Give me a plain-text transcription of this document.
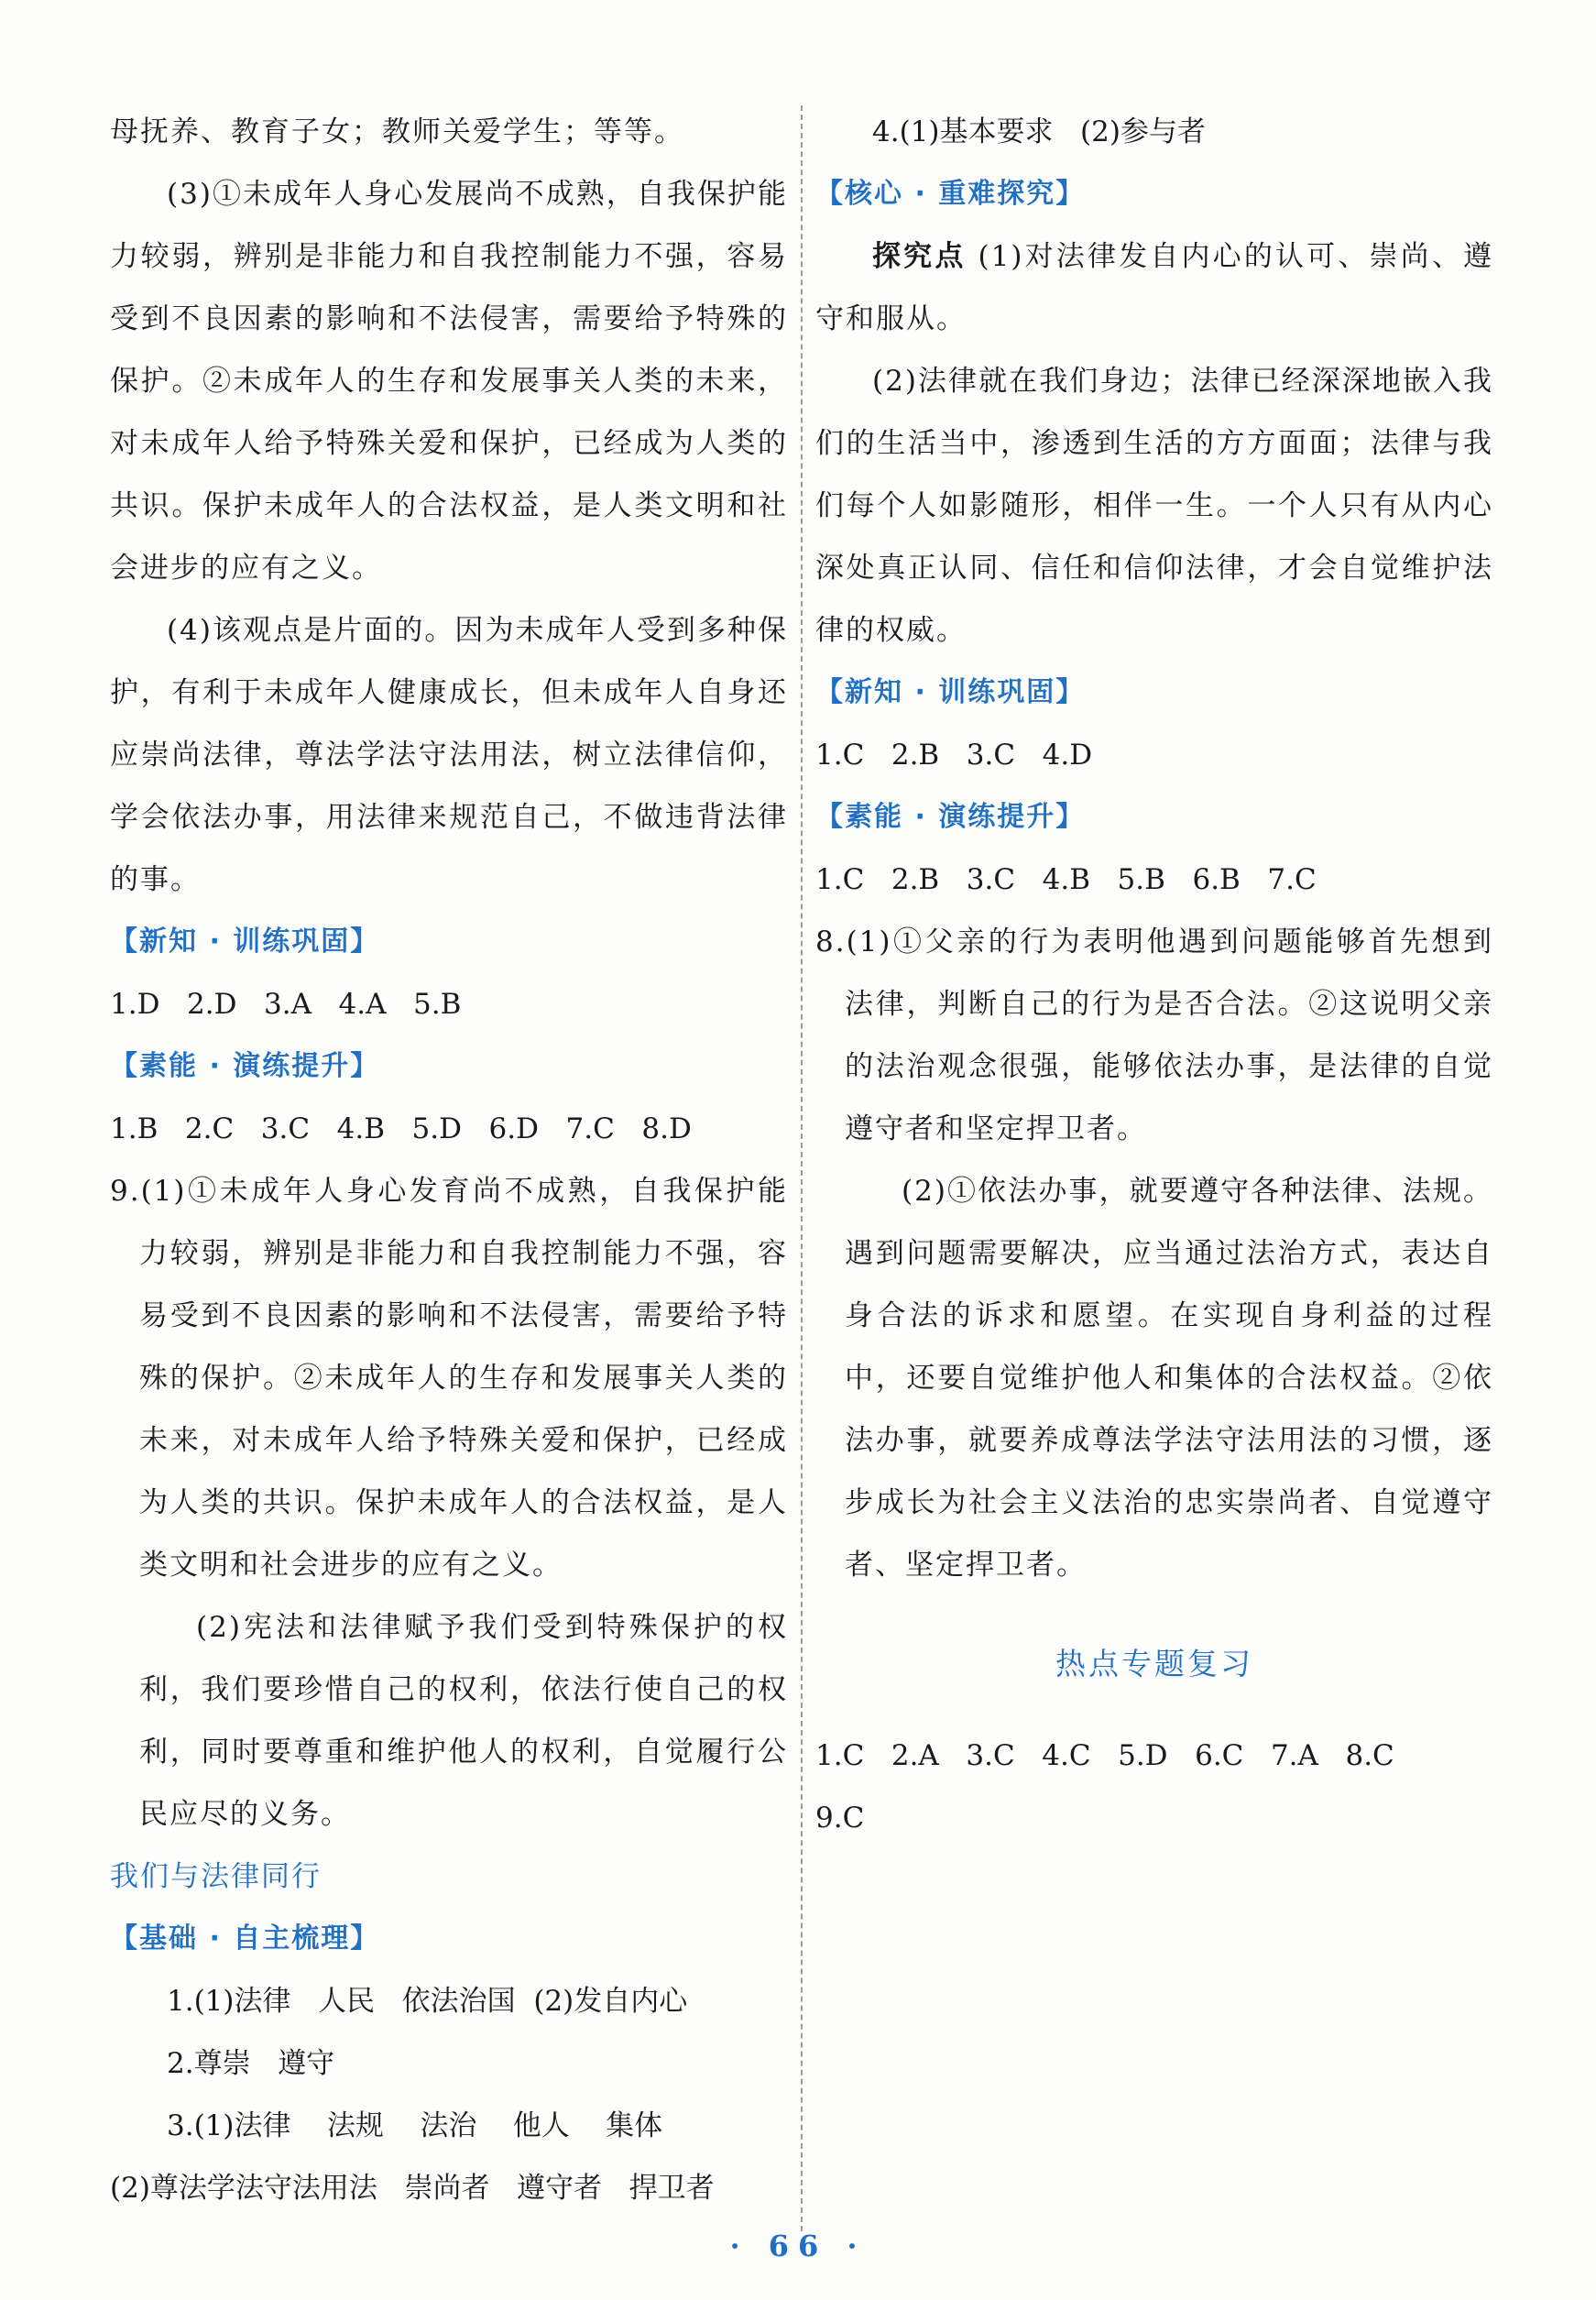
母抚养、教育子女；教师关爱学生；等等。

(3)①未成年人身心发展尚不成熟，自我保护能力较弱，辨别是非能力和自我控制能力不强，容易受到不良因素的影响和不法侵害，需要给予特殊的保护。②未成年人的生存和发展事关人类的未来，对未成年人给予特殊关爱和保护，已经成为人类的共识。保护未成年人的合法权益，是人类文明和社会进步的应有之义。

(4)该观点是片面的。因为未成年人受到多种保护，有利于未成年人健康成长，但未成年人自身还应崇尚法律，尊法学法守法用法，树立法律信仰，学会依法办事，用法律来规范自己，不做违背法律的事。

【新知 · 训练巩固】

1.D   2.D   3.A   4.A   5.B

【素能 · 演练提升】

1.B   2.C   3.C   4.B   5.D   6.D   7.C   8.D

9.(1)①未成年人身心发育尚不成熟，自我保护能力较弱，辨别是非能力和自我控制能力不强，容易受到不良因素的影响和不法侵害，需要给予特殊的保护。②未成年人的生存和发展事关人类的未来，对未成年人给予特殊关爱和保护，已经成为人类的共识。保护未成年人的合法权益，是人类文明和社会进步的应有之义。

(2)宪法和法律赋予我们受到特殊保护的权利，我们要珍惜自己的权利，依法行使自己的权利，同时要尊重和维护他人的权利，自觉履行公民应尽的义务。

我们与法律同行

【基础 · 自主梳理】

1.(1)法律   人民   依法治国  (2)发自内心

2.尊崇   遵守

3.(1)法律    法规    法治    他人    集体

(2)尊法学法守法用法   崇尚者   遵守者   捍卫者

4.(1)基本要求   (2)参与者

【核心 · 重难探究】

探究点 (1)对法律发自内心的认可、崇尚、遵守和服从。

(2)法律就在我们身边；法律已经深深地嵌入我们的生活当中，渗透到生活的方方面面；法律与我们每个人如影随形，相伴一生。一个人只有从内心深处真正认同、信任和信仰法律，才会自觉维护法律的权威。

【新知 · 训练巩固】

1.C   2.B   3.C   4.D

【素能 · 演练提升】

1.C   2.B   3.C   4.B   5.B   6.B   7.C

8.(1)①父亲的行为表明他遇到问题能够首先想到法律，判断自己的行为是否合法。②这说明父亲的法治观念很强，能够依法办事，是法律的自觉遵守者和坚定捍卫者。

(2)①依法办事，就要遵守各种法律、法规。遇到问题需要解决，应当通过法治方式，表达自身合法的诉求和愿望。在实现自身利益的过程中，还要自觉维护他人和集体的合法权益。②依法办事，就要养成尊法学法守法用法的习惯，逐步成长为社会主义法治的忠实崇尚者、自觉遵守者、坚定捍卫者。

热点专题复习

1.C   2.A   3.C   4.C   5.D   6.C   7.A   8.C

9.C

· 66 ·
